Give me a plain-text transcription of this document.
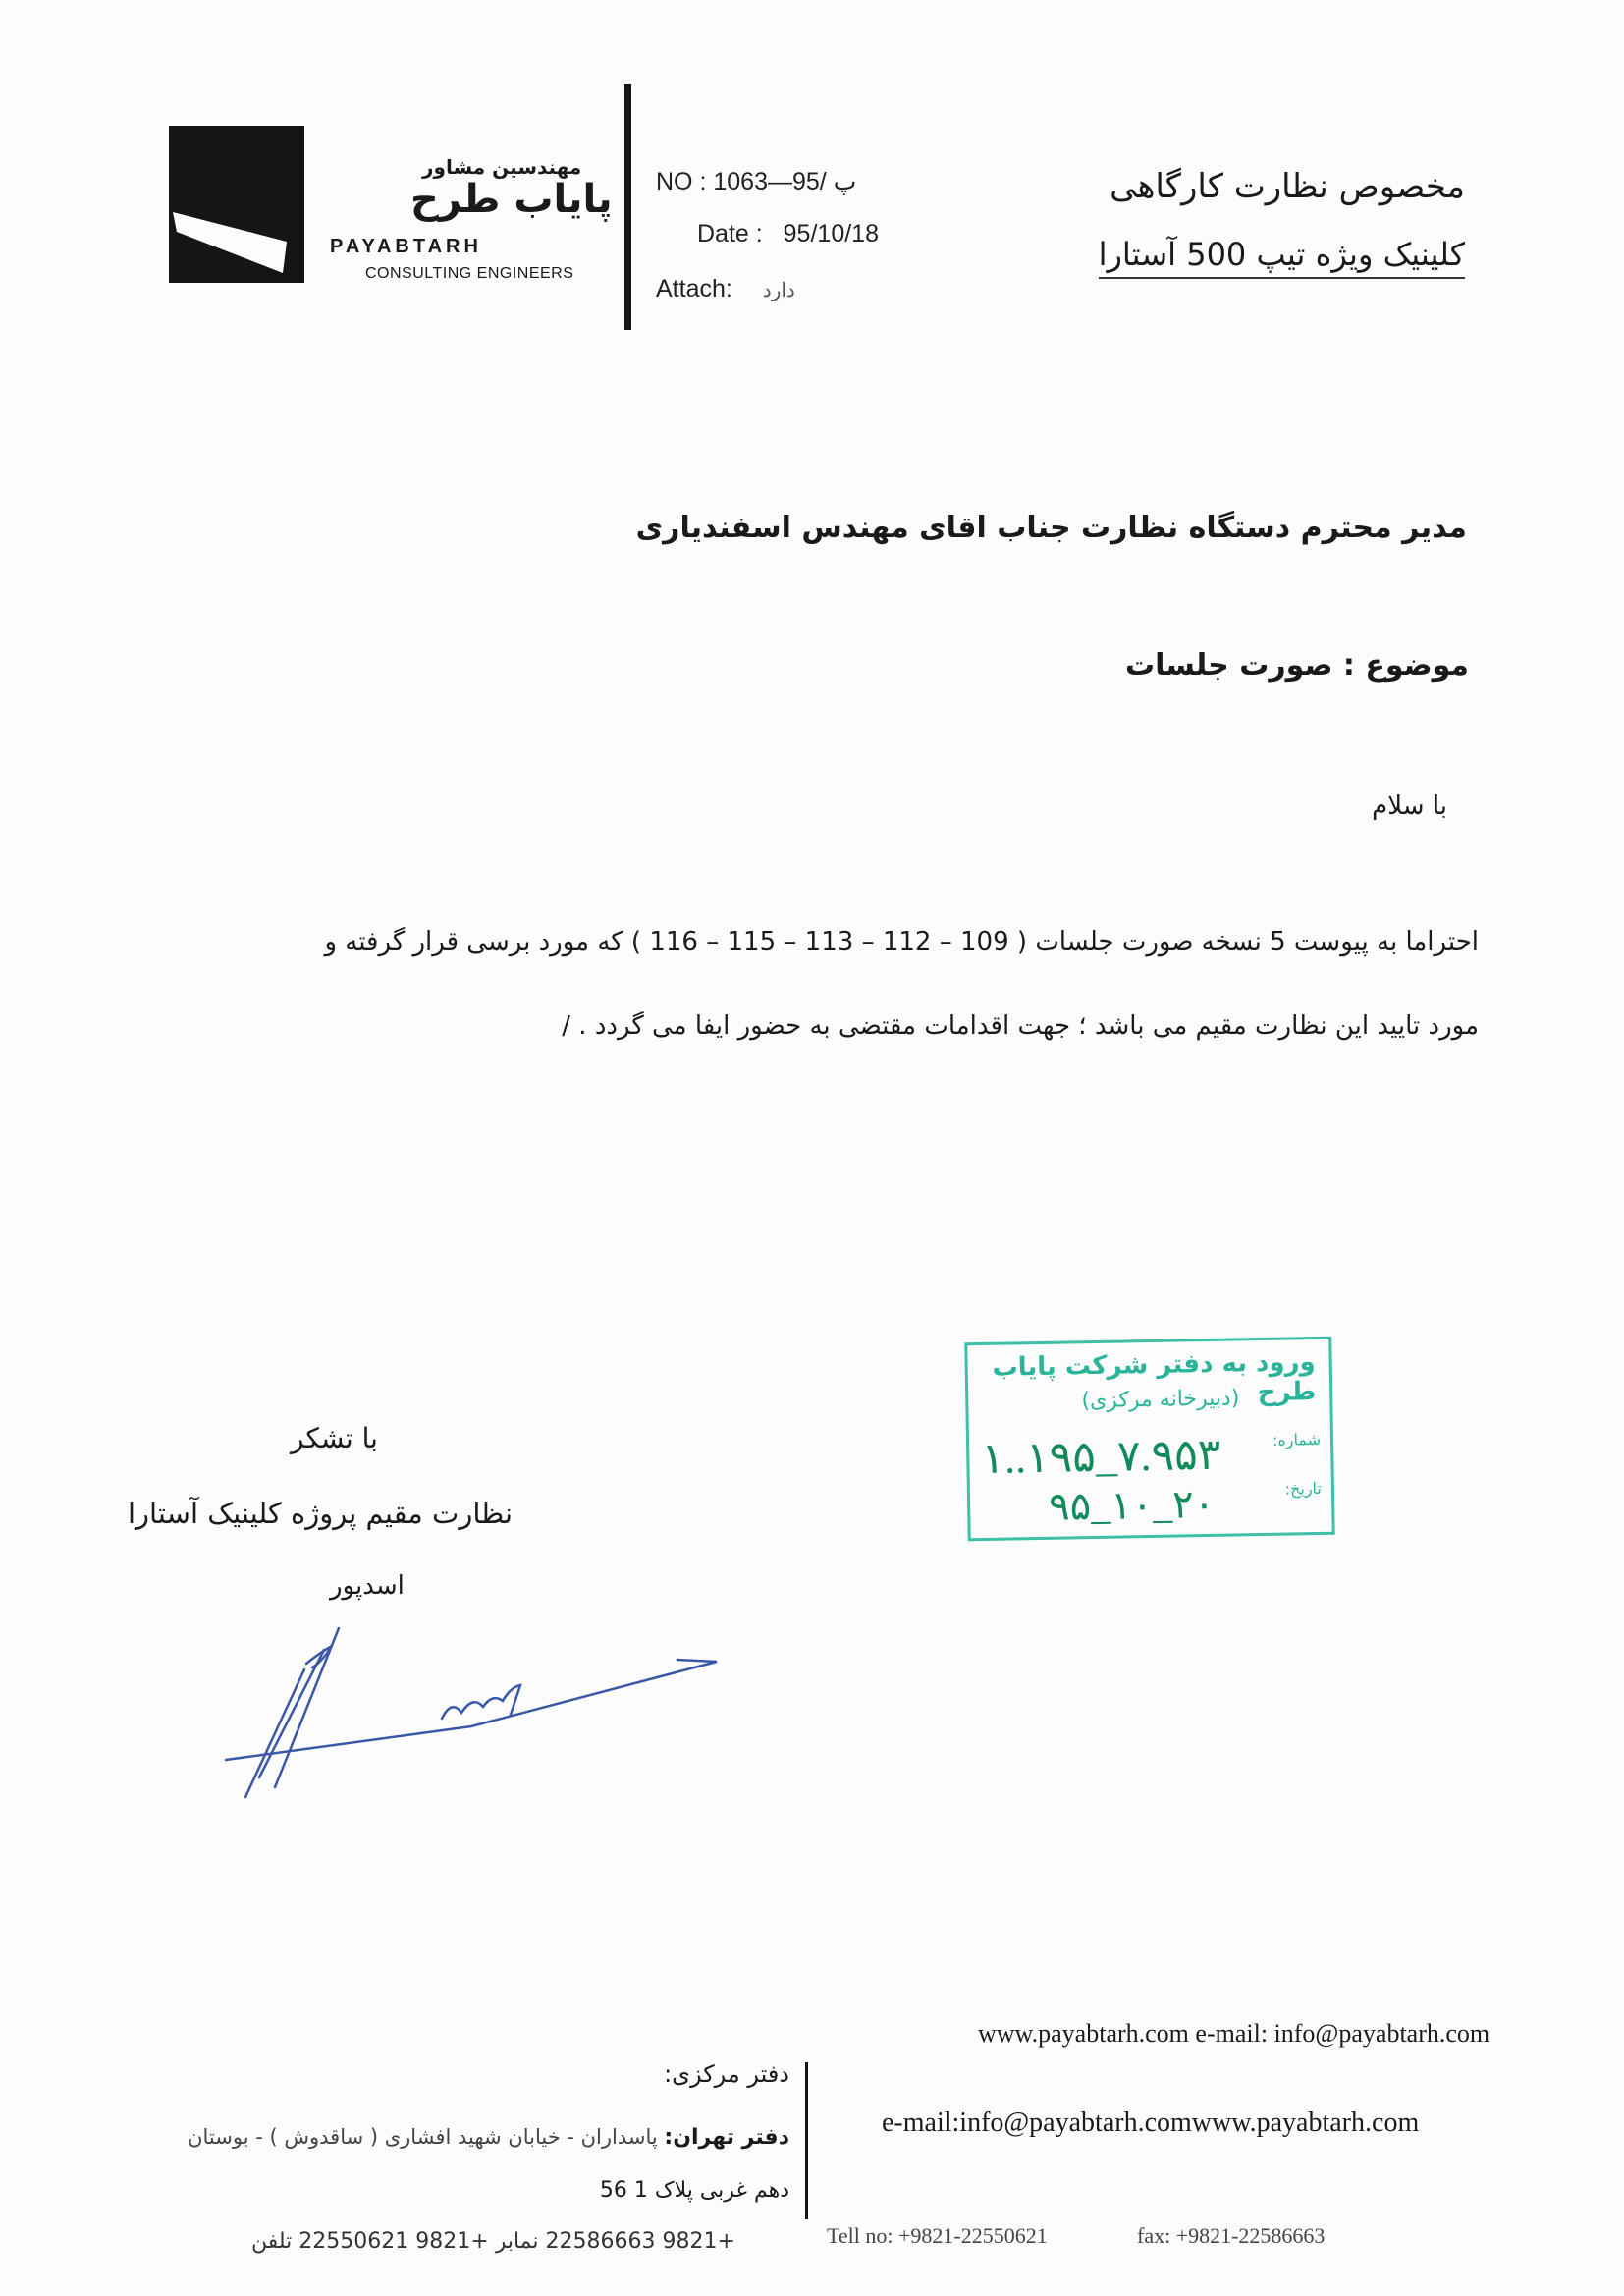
مهندسین مشاور
پایاب طرح
PAYABTARH
CONSULTING ENGINEERS
NO : پ /95—1063
Date : 95/10/18
Attach: دارد
مخصوص نظارت کارگاهی
کلینیک ویژه تیپ 500 آستارا
مدیر محترم دستگاه نظارت جناب اقای مهندس اسفندیاری
موضوع : صورت جلسات
با سلام
احتراما به پیوست 5 نسخه صورت جلسات ( 109 – 112 – 113 – 115 – 116 ) که مورد برسی قرار گرفته و
مورد تایید این نظارت مقیم می باشد ؛ جهت اقدامات مقتضی به حضور ایفا می گردد . /
با تشکر
نظارت مقیم پروژه کلینیک آستارا
اسدپور
ورود به دفتر شرکت پایاب طرح
(دبیرخانه مرکزی)
شماره:
تاریخ:
۱..۱۹۵_۷.۹۵۳
۹۵_۱۰_۲۰
www.payabtarh.com e-mail: info@payabtarh.com
دفتر مرکزی:
دفتر تهران: پاسداران - خیابان شهید افشاری ( ساقدوش ) - بوستان
دهم غربی پلاک 1 56
e-mail:info@payabtarh.comwww.payabtarh.com
Tell no: +9821-22550621	fax: +9821-22586663
+9821 22586663 نمابر +9821 22550621 تلفن
